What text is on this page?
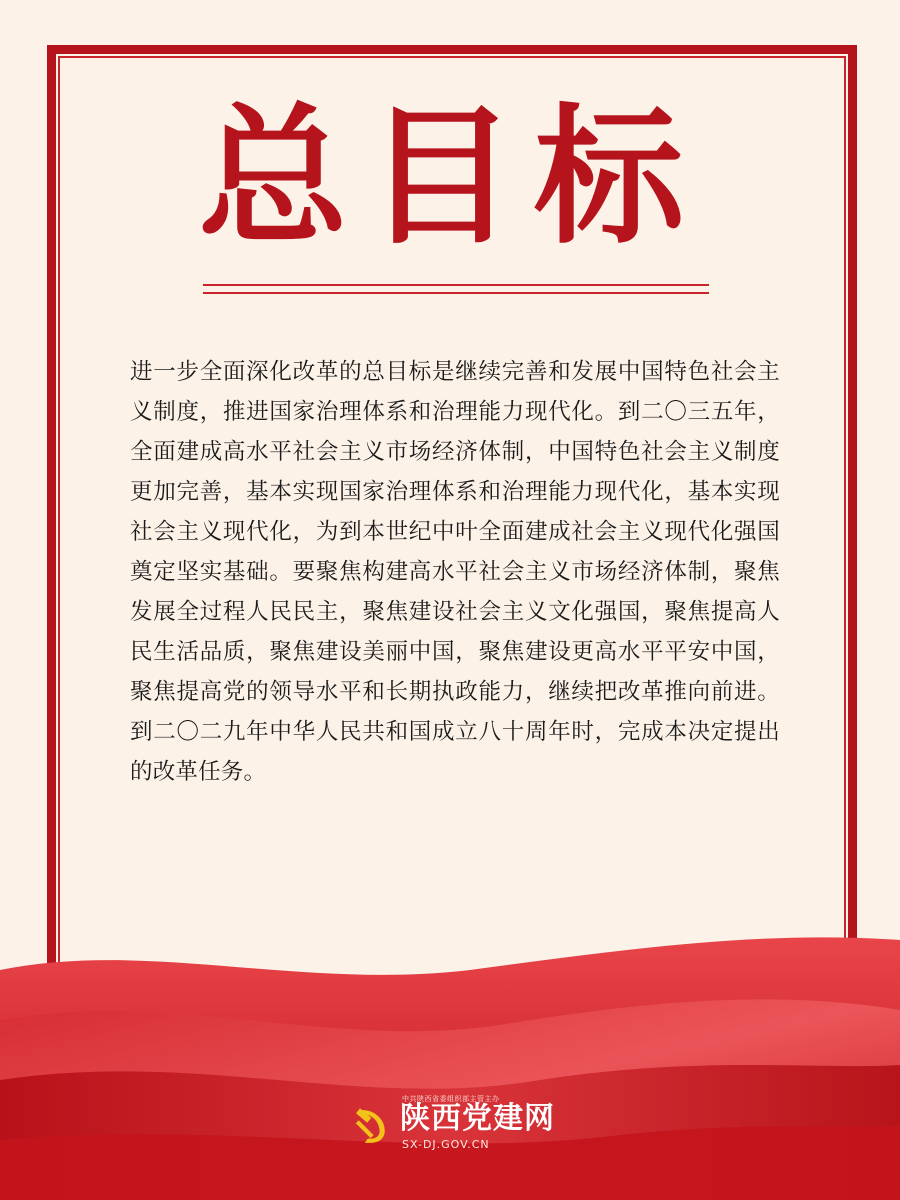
总目标
进一步全面深化改革的总目标是继续完善和发展中国特色社会主义制度，推进国家治理体系和治理能力现代化。到二〇三五年，全面建成高水平社会主义市场经济体制，中国特色社会主义制度更加完善，基本实现国家治理体系和治理能力现代化，基本实现社会主义现代化，为到本世纪中叶全面建成社会主义现代化强国奠定坚实基础。要聚焦构建高水平社会主义市场经济体制，聚焦发展全过程人民民主，聚焦建设社会主义文化强国，聚焦提高人民生活品质，聚焦建设美丽中国，聚焦建设更高水平平安中国，聚焦提高党的领导水平和长期执政能力，继续把改革推向前进。到二〇二九年中华人民共和国成立八十周年时，完成本决定提出的改革任务。
中共陕西省委组织部主管主办
陕西党建网
SX-DJ.GOV.CN
